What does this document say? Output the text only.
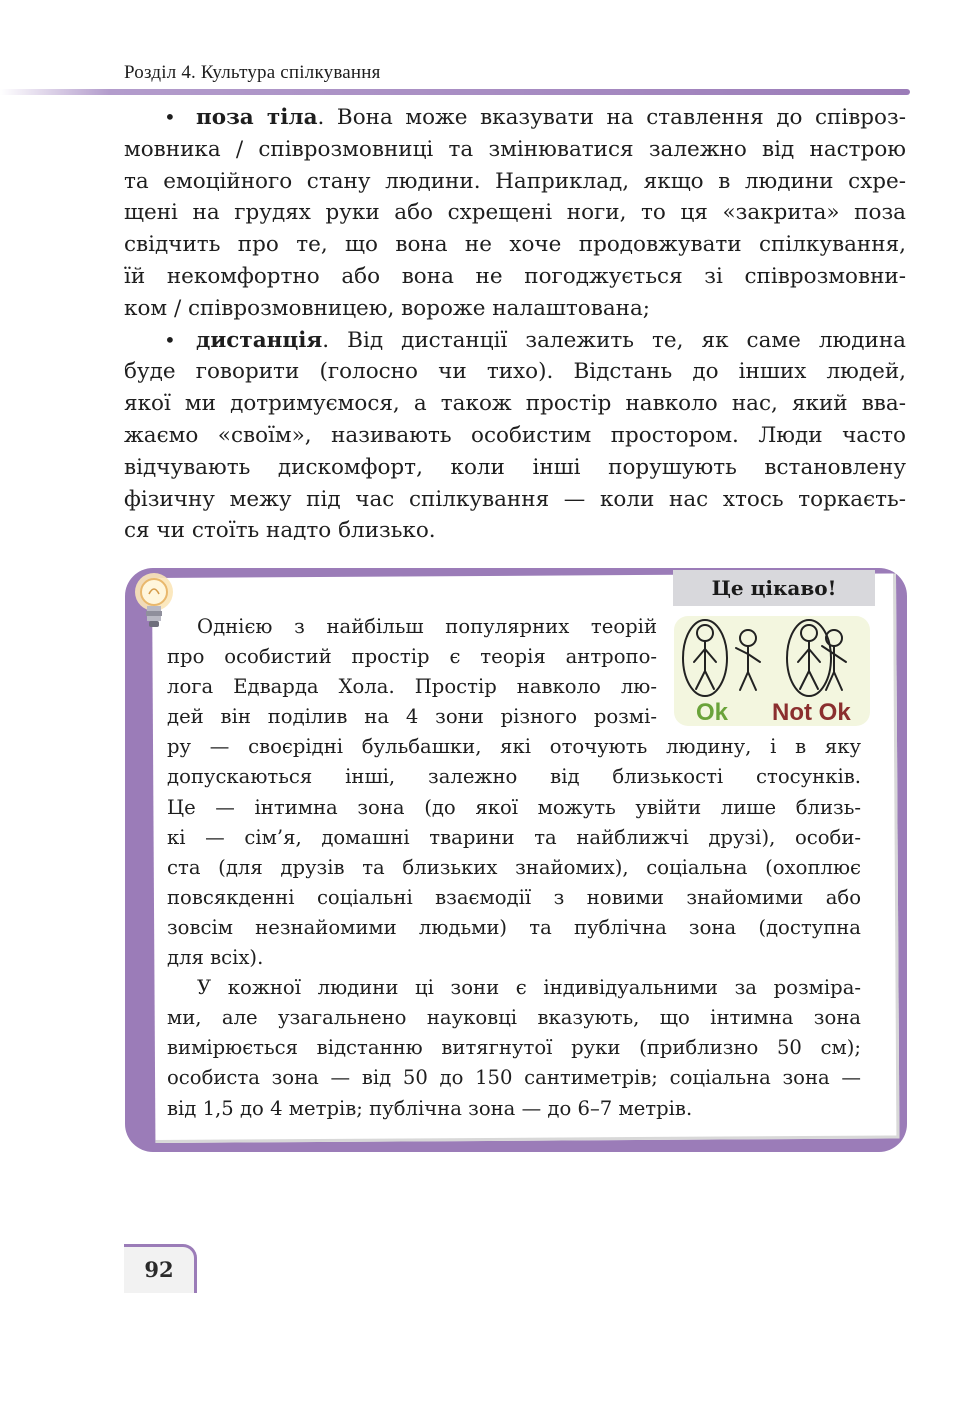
Розділ 4. Культура спілкування

• поза тіла. Вона може вказувати на ставлення до співроз-
мовника / співрозмовниці та змінюватися залежно від настрою
та емоційного стану людини. Наприклад, якщо в людини схре-
щені на грудях руки або схрещені ноги, то ця «закрита» поза
свідчить про те, що вона не хоче продовжувати спілкування,
їй некомфортно або вона не погоджується зі співрозмовни-
ком / співрозмовницею, вороже налаштована;

• дистанція. Від дистанції залежить те, як саме людина
буде говорити (голосно чи тихо). Відстань до інших людей,
якої ми дотримуємося, а також простір навколо нас, який вва-
жаємо «своїм», називають особистим простором. Люди часто
відчувають дискомфорт, коли інші порушують встановлену
фізичну межу під час спілкування — коли нас хтось торкаєть-
ся чи стоїть надто близько.

Це цікаво!
Ok Not Ok

Однією з найбільш популярних теорій
про особистий простір є теорія антропо-
лога Едварда Хола. Простір навколо лю-
дей він поділив на 4 зони різного розмі-
ру — своєрідні бульбашки, які оточують людину, і в яку
допускаються інші, залежно від близькості стосунків.
Це — інтимна зона (до якої можуть увійти лише близь-
кі — сім’я, домашні тварини та найближчі друзі), особи-
ста (для друзів та близьких знайомих), соціальна (охоплює
повсякденні соціальні взаємодії з новими знайомими або
зовсім незнайомими людьми) та публічна зона (доступна
для всіх).

У кожної людини ці зони є індивідуальними за розміра-
ми, але узагальнено науковці вказують, що інтимна зона
вимірюється відстанню витягнутої руки (приблизно 50 см);
особиста зона — від 50 до 150 сантиметрів; соціальна зона —
від 1,5 до 4 метрів; публічна зона — до 6–7 метрів.

92
